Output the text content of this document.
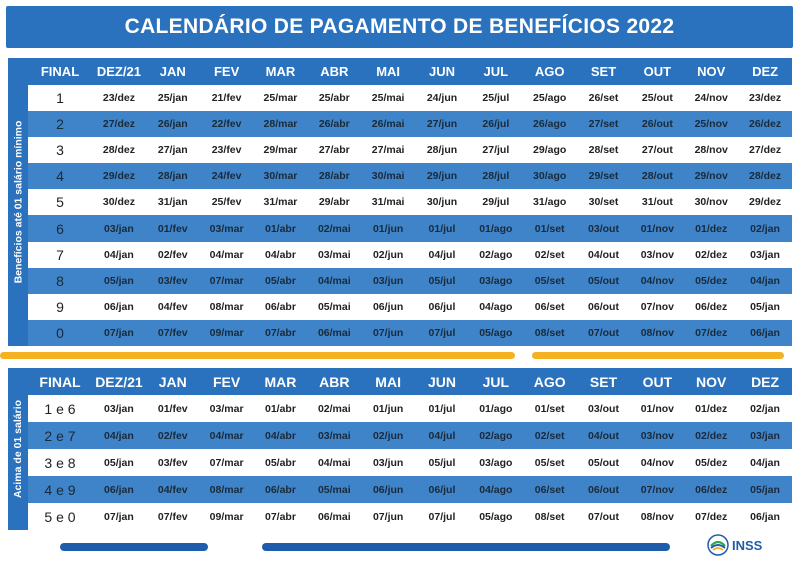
CALENDÁRIO DE PAGAMENTO DE BENEFÍCIOS 2022
Benefícios até 01 salário mínimo
FINAL	DEZ/21	JAN	FEV	MAR	ABR	MAI	JUN	JUL	AGO	SET	OUT	NOV	DEZ
1	23/dez	25/jan	21/fev	25/mar	25/abr	25/mai	24/jun	25/jul	25/ago	26/set	25/out	24/nov	23/dez
2	27/dez	26/jan	22/fev	28/mar	26/abr	26/mai	27/jun	26/jul	26/ago	27/set	26/out	25/nov	26/dez
3	28/dez	27/jan	23/fev	29/mar	27/abr	27/mai	28/jun	27/jul	29/ago	28/set	27/out	28/nov	27/dez
4	29/dez	28/jan	24/fev	30/mar	28/abr	30/mai	29/jun	28/jul	30/ago	29/set	28/out	29/nov	28/dez
5	30/dez	31/jan	25/fev	31/mar	29/abr	31/mai	30/jun	29/jul	31/ago	30/set	31/out	30/nov	29/dez
6	03/jan	01/fev	03/mar	01/abr	02/mai	01/jun	01/jul	01/ago	01/set	03/out	01/nov	01/dez	02/jan
7	04/jan	02/fev	04/mar	04/abr	03/mai	02/jun	04/jul	02/ago	02/set	04/out	03/nov	02/dez	03/jan
8	05/jan	03/fev	07/mar	05/abr	04/mai	03/jun	05/jul	03/ago	05/set	05/out	04/nov	05/dez	04/jan
9	06/jan	04/fev	08/mar	06/abr	05/mai	06/jun	06/jul	04/ago	06/set	06/out	07/nov	06/dez	05/jan
0	07/jan	07/fev	09/mar	07/abr	06/mai	07/jun	07/jul	05/ago	08/set	07/out	08/nov	07/dez	06/jan
Acima de 01 salário
FINAL	DEZ/21	JAN	FEV	MAR	ABR	MAI	JUN	JUL	AGO	SET	OUT	NOV	DEZ
1 e 6	03/jan	01/fev	03/mar	01/abr	02/mai	01/jun	01/jul	01/ago	01/set	03/out	01/nov	01/dez	02/jan
2 e 7	04/jan	02/fev	04/mar	04/abr	03/mai	02/jun	04/jul	02/ago	02/set	04/out	03/nov	02/dez	03/jan
3 e 8	05/jan	03/fev	07/mar	05/abr	04/mai	03/jun	05/jul	03/ago	05/set	05/out	04/nov	05/dez	04/jan
4 e 9	06/jan	04/fev	08/mar	06/abr	05/mai	06/jun	06/jul	04/ago	06/set	06/out	07/nov	06/dez	05/jan
5 e 0	07/jan	07/fev	09/mar	07/abr	06/mai	07/jun	07/jul	05/ago	08/set	07/out	08/nov	07/dez	06/jan
INSS
